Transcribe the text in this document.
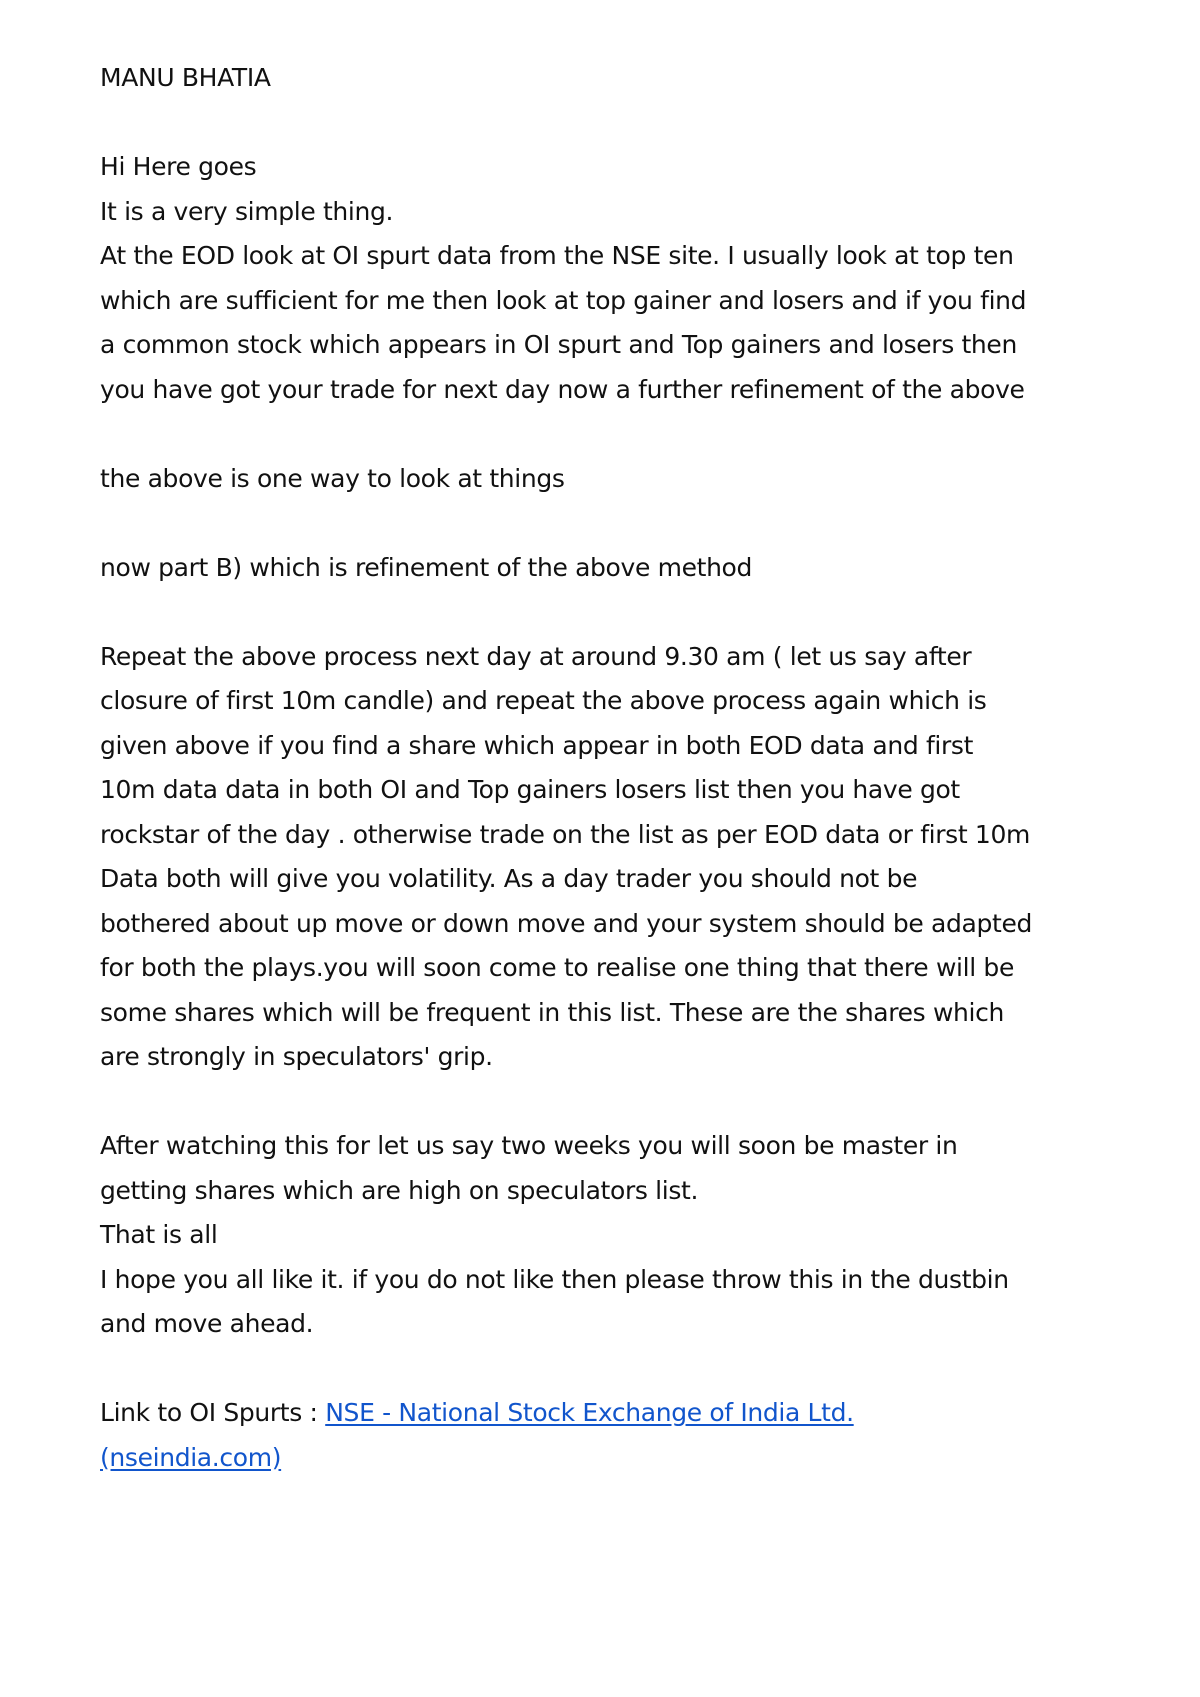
MANU BHATIA
Hi Here goes
It is a very simple thing.
At the EOD look at OI spurt data from the NSE site. I usually look at top ten
which are sufficient for me then look at top gainer and losers and if you find
a common stock which appears in OI spurt and Top gainers and losers then
you have got your trade for next day now a further refinement of the above
the above is one way to look at things
now part B) which is refinement of the above method
Repeat the above process next day at around 9.30 am ( let us say after
closure of first 10m candle) and repeat the above process again which is
given above if you find a share which appear in both EOD data and first
10m data data in both OI and Top gainers losers list then you have got
rockstar of the day . otherwise trade on the list as per EOD data or first 10m
Data both will give you volatility. As a day trader you should not be
bothered about up move or down move and your system should be adapted
for both the plays.you will soon come to realise one thing that there will be
some shares which will be frequent in this list. These are the shares which
are strongly in speculators' grip.
After watching this for let us say two weeks you will soon be master in
getting shares which are high on speculators list.
That is all
I hope you all like it. if you do not like then please throw this in the dustbin
and move ahead.
Link to OI Spurts : NSE - National Stock Exchange of India Ltd.
(nseindia.com)
